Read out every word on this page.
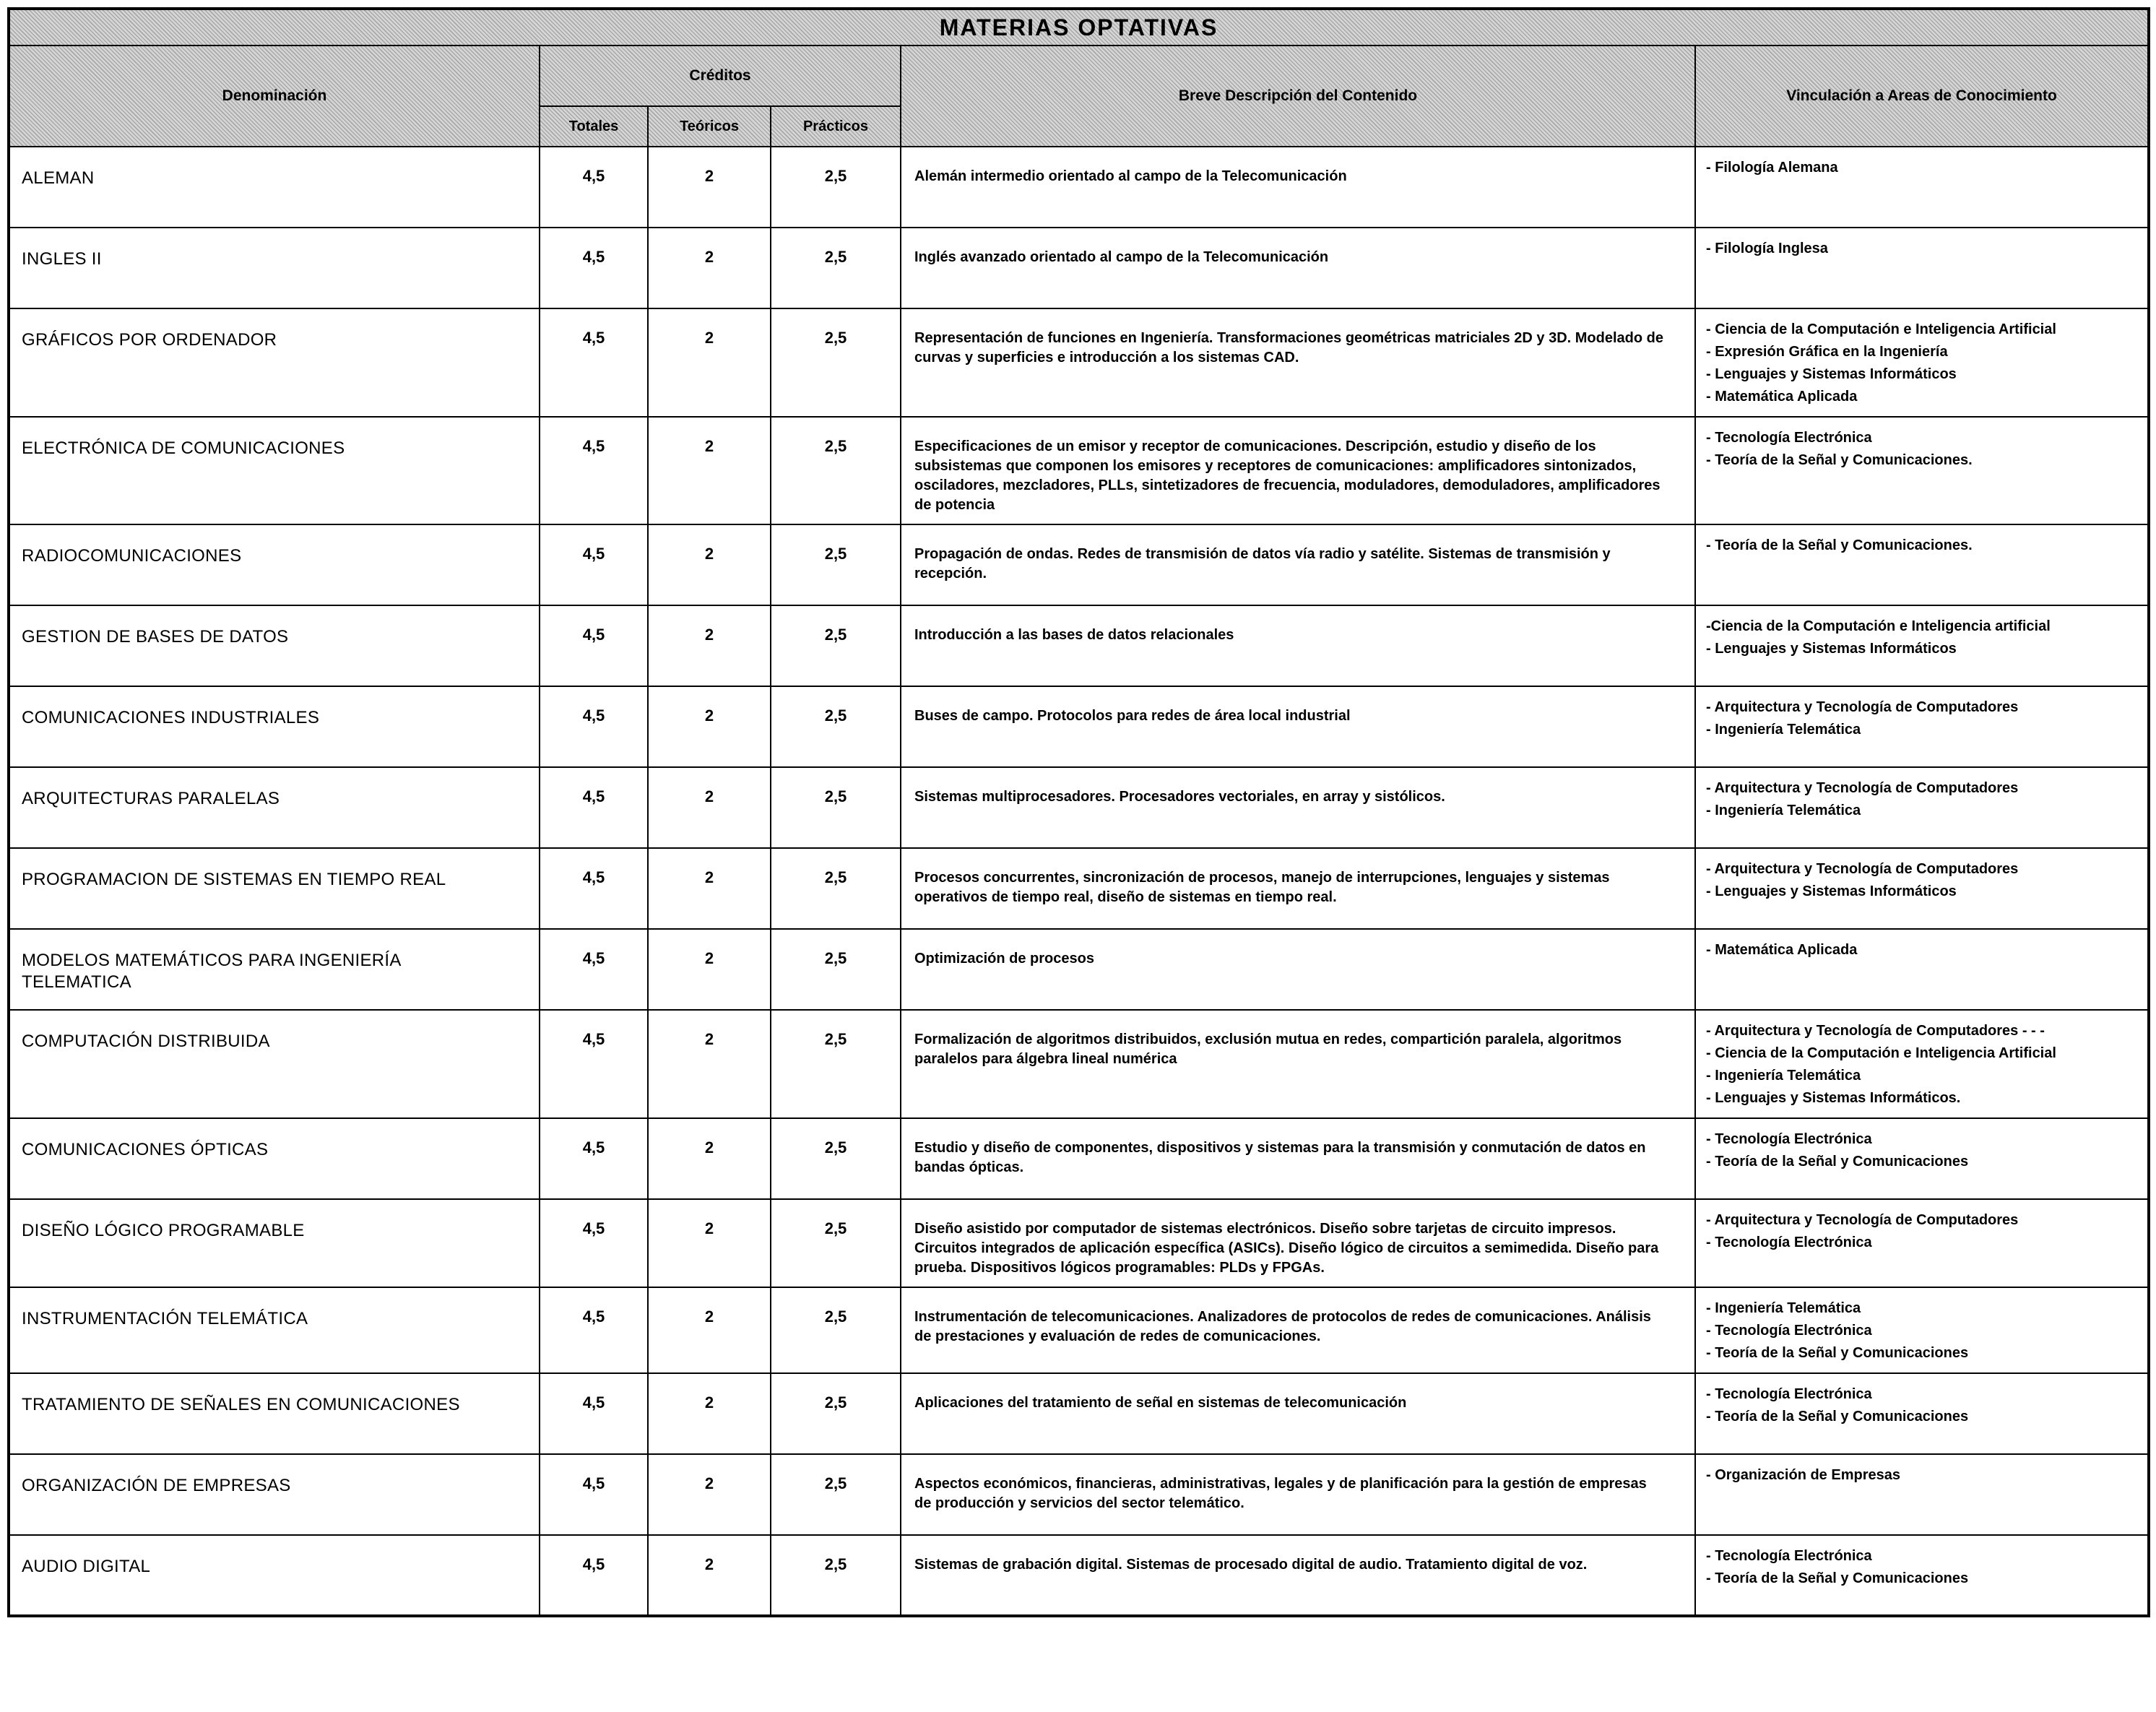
MATERIAS OPTATIVAS					
Denominación	Créditos			Breve Descripción del Contenido	Vinculación a Areas de Conocimiento
	Totales	Teóricos	Prácticos		
ALEMAN	4,5	2	2,5	Alemán intermedio orientado al campo de la Telecomunicación	- Filología Alemana

INGLES II	4,5	2	2,5	Inglés avanzado orientado al campo de la Telecomunicación	- Filología Inglesa

GRÁFICOS POR ORDENADOR	4,5	2	2,5	Representación de funciones en Ingeniería. Transformaciones geométricas matriciales 2D y 3D. Modelado de curvas y superficies e introducción a los sistemas CAD.	- Ciencia de la Computación e Inteligencia Artificial
- Expresión Gráfica en la Ingeniería
- Lenguajes y Sistemas Informáticos
- Matemática Aplicada

ELECTRÓNICA DE COMUNICACIONES	4,5	2	2,5	Especificaciones de un emisor y receptor de comunicaciones. Descripción, estudio y diseño de los subsistemas que componen los emisores y receptores de comunicaciones: amplificadores sintonizados, osciladores, mezcladores, PLLs, sintetizadores de frecuencia, moduladores, demoduladores, amplificadores de potencia	- Tecnología Electrónica
- Teoría de la Señal y Comunicaciones.

RADIOCOMUNICACIONES	4,5	2	2,5	Propagación de ondas. Redes de transmisión de datos vía radio y satélite. Sistemas de transmisión y recepción.	- Teoría de la Señal y Comunicaciones.

GESTION DE BASES DE DATOS	4,5	2	2,5	Introducción a las bases de datos relacionales	-Ciencia de la Computación e Inteligencia artificial
- Lenguajes y Sistemas Informáticos

COMUNICACIONES INDUSTRIALES	4,5	2	2,5	Buses de campo. Protocolos para redes de área local industrial	- Arquitectura y Tecnología de Computadores
- Ingeniería Telemática

ARQUITECTURAS PARALELAS	4,5	2	2,5	Sistemas multiprocesadores. Procesadores vectoriales, en array y sistólicos.	- Arquitectura y Tecnología de Computadores
- Ingeniería Telemática

PROGRAMACION DE SISTEMAS EN TIEMPO REAL	4,5	2	2,5	Procesos concurrentes, sincronización de procesos, manejo de interrupciones, lenguajes y sistemas operativos de tiempo real, diseño de sistemas en tiempo real.	- Arquitectura y Tecnología de Computadores
- Lenguajes y Sistemas Informáticos

MODELOS MATEMÁTICOS PARA INGENIERÍA TELEMATICA	4,5	2	2,5	Optimización de procesos	- Matemática Aplicada

COMPUTACIÓN DISTRIBUIDA	4,5	2	2,5	Formalización de algoritmos distribuidos, exclusión mutua en redes, compartición paralela, algoritmos paralelos para álgebra lineal numérica	- Arquitectura y Tecnología de Computadores - - -
- Ciencia de la Computación e Inteligencia Artificial
- Ingeniería Telemática
- Lenguajes y Sistemas Informáticos.

COMUNICACIONES ÓPTICAS	4,5	2	2,5	Estudio y diseño de componentes, dispositivos y sistemas para la transmisión y conmutación de datos en bandas ópticas.	- Tecnología Electrónica
- Teoría de la Señal y Comunicaciones

DISEÑO LÓGICO PROGRAMABLE	4,5	2	2,5	Diseño asistido por computador de sistemas electrónicos. Diseño sobre tarjetas de circuito impresos. Circuitos integrados de aplicación específica (ASICs). Diseño lógico de circuitos a semimedida. Diseño para prueba. Dispositivos lógicos programables: PLDs y FPGAs.	- Arquitectura y Tecnología de Computadores
- Tecnología Electrónica

INSTRUMENTACIÓN TELEMÁTICA	4,5	2	2,5	Instrumentación de telecomunicaciones. Analizadores de protocolos de redes de comunicaciones. Análisis de prestaciones y evaluación de redes de comunicaciones.	- Ingeniería Telemática
- Tecnología Electrónica
- Teoría de la Señal y Comunicaciones

TRATAMIENTO DE SEÑALES EN COMUNICACIONES	4,5	2	2,5	Aplicaciones del tratamiento de señal en sistemas de telecomunicación	- Tecnología Electrónica
- Teoría de la Señal y Comunicaciones

ORGANIZACIÓN DE EMPRESAS	4,5	2	2,5	Aspectos económicos, financieras, administrativas, legales y de planificación para la gestión de empresas de producción y servicios del sector telemático.	- Organización de Empresas

AUDIO DIGITAL	4,5	2	2,5	Sistemas de grabación digital. Sistemas de procesado digital de audio. Tratamiento digital de voz.	- Tecnología Electrónica
- Teoría de la Señal y Comunicaciones
